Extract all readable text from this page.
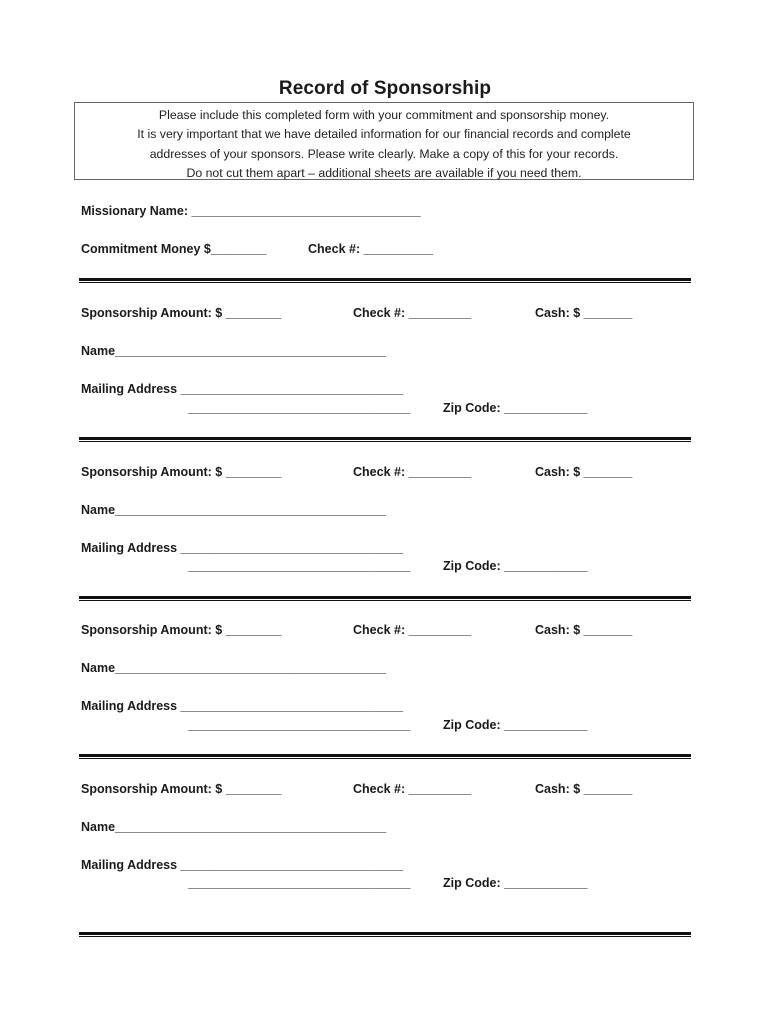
Record of Sponsorship
Please include this completed form with your commitment and sponsorship money.
It is very important that we have detailed information for our financial records and complete
addresses of your sponsors. Please write clearly. Make a copy of this for your records.
Do not cut them apart – additional sheets are available if you need them.
Missionary Name: _________________________________
Commitment Money $________	Check #: __________
Sponsorship Amount: $ ________	Check #: _________	Cash: $ _______
Name_______________________________________
Mailing Address ________________________________
________________________________	Zip Code: ____________
Sponsorship Amount: $ ________	Check #: _________	Cash: $ _______
Name_______________________________________
Mailing Address ________________________________
________________________________	Zip Code: ____________
Sponsorship Amount: $ ________	Check #: _________	Cash: $ _______
Name_______________________________________
Mailing Address ________________________________
________________________________	Zip Code: ____________
Sponsorship Amount: $ ________	Check #: _________	Cash: $ _______
Name_______________________________________
Mailing Address ________________________________
________________________________	Zip Code: ____________
